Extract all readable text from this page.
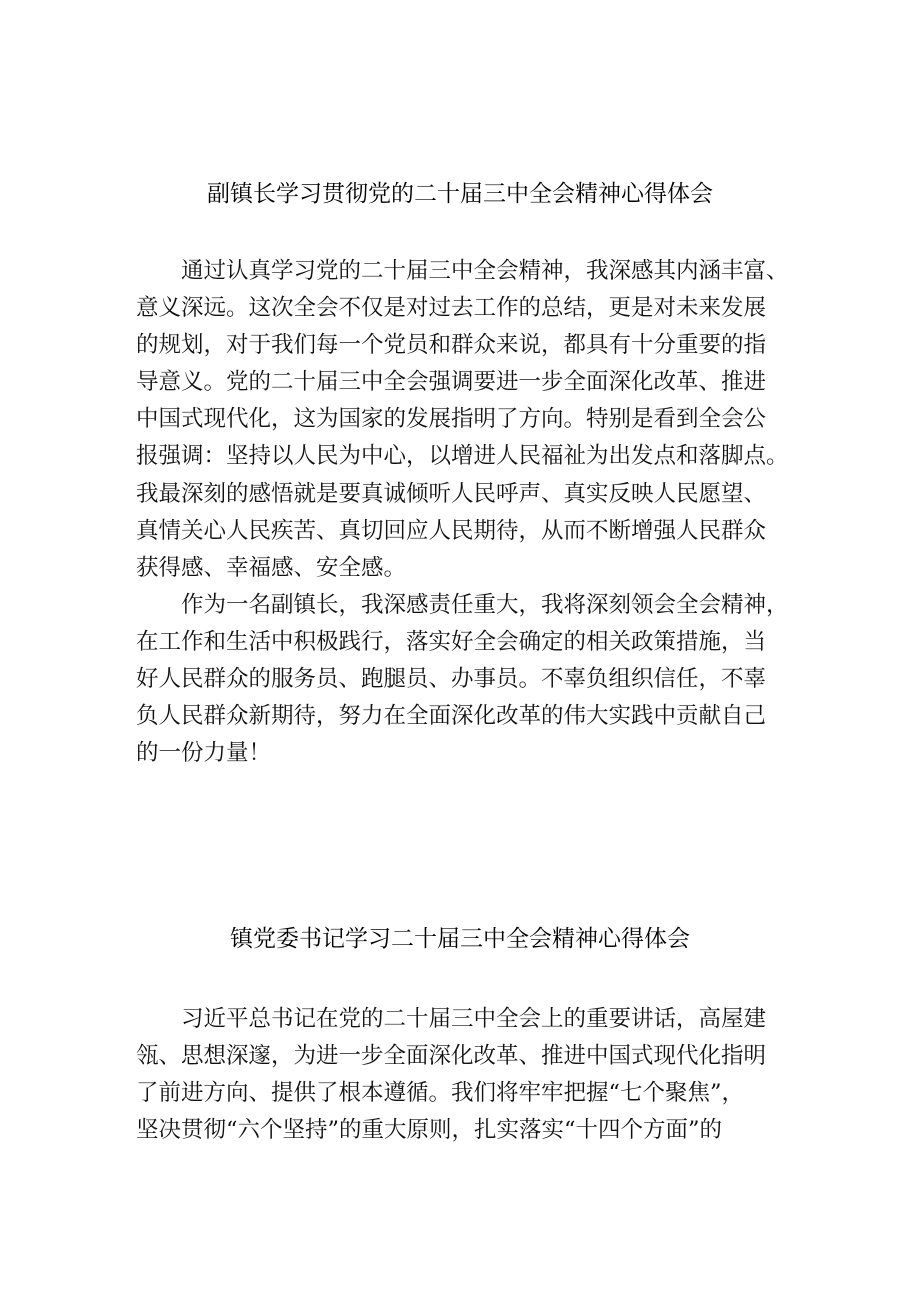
副镇长学习贯彻党的二十届三中全会精神心得体会
通过认真学习党的二十届三中全会精神，我深感其内涵丰富、
意义深远。这次全会不仅是对过去工作的总结，更是对未来发展
的规划，对于我们每一个党员和群众来说，都具有十分重要的指
导意义。党的二十届三中全会强调要进一步全面深化改革、推进
中国式现代化，这为国家的发展指明了方向。特别是看到全会公
报强调：坚持以人民为中心，以增进人民福祉为出发点和落脚点。
我最深刻的感悟就是要真诚倾听人民呼声、真实反映人民愿望、
真情关心人民疾苦、真切回应人民期待，从而不断增强人民群众
获得感、幸福感、安全感。
作为一名副镇长，我深感责任重大，我将深刻领会全会精神，
在工作和生活中积极践行，落实好全会确定的相关政策措施，当
好人民群众的服务员、跑腿员、办事员。不辜负组织信任，不辜
负人民群众新期待，努力在全面深化改革的伟大实践中贡献自己
的一份力量！
镇党委书记学习二十届三中全会精神心得体会
习近平总书记在党的二十届三中全会上的重要讲话，高屋建
瓴、思想深邃，为进一步全面深化改革、推进中国式现代化指明
了前进方向、提供了根本遵循。我们将牢牢把握“七个聚焦”，
坚决贯彻“六个坚持”的重大原则，扎实落实“十四个方面”的
